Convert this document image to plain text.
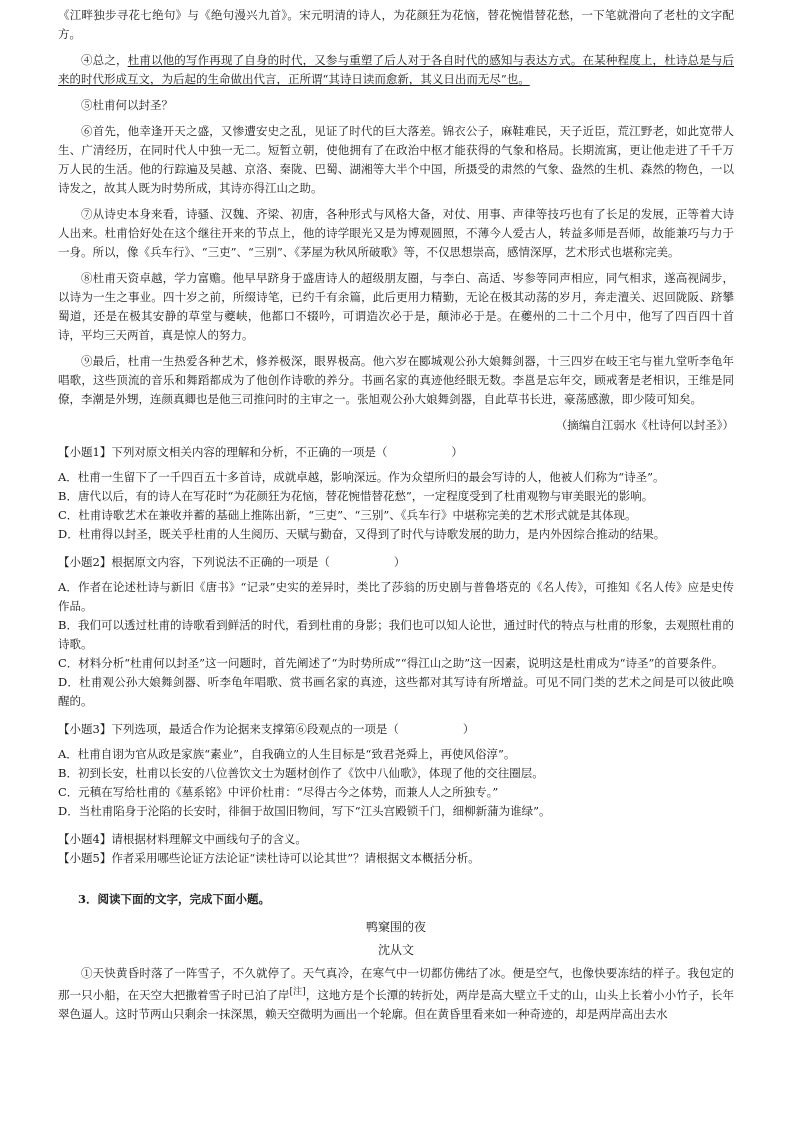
《江畔独步寻花七绝句》与《绝句漫兴九首》。宋元明清的诗人，为花颜狂为花恼，替花惋惜替花愁，一下笔就滑向了老杜的文字配方。

④总之，杜甫以他的写作再现了自身的时代，又参与重塑了后人对于各自时代的感知与表达方式。在某种程度上，杜诗总是与后来的时代形成互文，为后起的生命做出代言，正所谓“其诗日读而愈新，其义日出而无尽”也。

⑤杜甫何以封圣？

⑥首先，他幸逢开天之盛，又惨遭安史之乱，见证了时代的巨大落差。锦衣公子，麻鞋难民，天子近臣，荒江野老，如此宽带人生、广清经历，在同时代人中独一无二。短暂立朝，使他拥有了在政治中枢才能获得的气象和格局。长期流寓，更让他走进了千千万万人民的生活。他的行踪遍及吴越、京洛、秦陇、巴蜀、湖湘等大半个中国，所摄受的肃然的气象、盎然的生机、森然的物色，一以诗发之，故其人既为时势所成，其诗亦得江山之助。

⑦从诗史本身来看，诗骚、汉魏、齐梁、初唐，各种形式与风格大备，对仗、用事、声律等技巧也有了长足的发展，正等着大诗人出来。杜甫恰好处在这个继往开来的节点上，他的诗学眼光又是为博观圆照，不薄今人爱古人，转益多师是吾师，故能兼巧与力于一身。所以，像《兵车行》、“三吏”、“三别”、《茅屋为秋风所破歌》等，不仅思想崇高，感情深厚，艺术形式也堪称完美。

⑧杜甫天资卓越，学力富赡。他早早跻身于盛唐诗人的超级朋友圈，与李白、高适、岑参等同声相应，同气相求，遂高视阔步，以诗为一生之事业。四十岁之前，所缀诗笔，已约千有余篇，此后更用力精勤，无论在极其动荡的岁月，奔走澶关、迟回陇阪、跻攀蜀道，还是在极其安静的草堂与夔峡，他都口不辍吟，可谓造次必于是，颠沛必于是。在夔州的二十二个月中，他写了四百四十首诗，平均三天两首，真是惊人的努力。

⑨最后，杜甫一生热爱各种艺术，修养极深，眼界极高。他六岁在郾城观公孙大娘舞剑器，十三四岁在岐王宅与崔九堂听李龟年唱歌，这些顶流的音乐和舞蹈都成为了他创作诗歌的养分。书画名家的真迹他经眼无数。李邕是忘年交，顾戒奢是老相识，王维是同僚，李潮是外甥，连颜真卿也是他三司推问时的主审之一。张旭观公孙大娘舞剑器，自此草书长进，豪荡感激，即少陵可知矣。

（摘编自江弱水《杜诗何以封圣》）

【小题1】下列对原文相关内容的理解和分析，不正确的一项是（	）

A．杜甫一生留下了一千四百五十多首诗，成就卓越，影响深远。作为众望所归的最会写诗的人，他被人们称为“诗圣”。

B．唐代以后，有的诗人在写花时“为花颜狂为花恼，替花惋惜替花愁”，一定程度受到了杜甫观物与审美眼光的影响。

C．杜甫诗歌艺术在兼收并蓄的基础上推陈出新，“三吏”、“三别”、《兵车行》中堪称完美的艺术形式就是其体现。

D．杜甫得以封圣，既关乎杜甫的人生阅历、天赋与勤奋，又得到了时代与诗歌发展的助力，是内外因综合推动的结果。

【小题2】根据原文内容，下列说法不正确的一项是（	）

A．作者在论述杜诗与新旧《唐书》“记录”史实的差异时，类比了莎翁的历史剧与普鲁塔克的《名人传》，可推知《名人传》应是史传作品。

B．我们可以透过杜甫的诗歌看到鲜活的时代，看到杜甫的身影；我们也可以知人论世，通过时代的特点与杜甫的形象，去观照杜甫的诗歌。

C．材料分析“杜甫何以封圣”这一问题时，首先阐述了“为时势所成”“得江山之助”这一因素，说明这是杜甫成为“诗圣”的首要条件。

D．杜甫观公孙大娘舞剑器、听李龟年唱歌、赏书画名家的真迹，这些都对其写诗有所增益。可见不同门类的艺术之间是可以彼此唤醒的。

【小题3】下列选项，最适合作为论据来支撑第⑥段观点的一项是（	）

A．杜甫自诩为官从政是家族“素业”，自我确立的人生目标是“致君尧舜上，再使风俗淳”。

B．初到长安，杜甫以长安的八位善饮文士为题材创作了《饮中八仙歌》，体现了他的交往圈层。

C．元稹在写给杜甫的《墓系铭》中评价杜甫：“尽得古今之体势，而兼人人之所独专。”

D．当杜甫陷身于沦陷的长安时，徘徊于故国旧物间，写下“江头宫殿锁千门，细柳新蒲为谁绿”。

【小题4】请根据材料理解文中画线句子的含义。

【小题5】作者采用哪些论证方法论证“读杜诗可以论其世”？请根据文本概括分析。

3．阅读下面的文字，完成下面小题。

鸭窠围的夜

沈从文

①天快黄昏时落了一阵雪子，不久就停了。天气真冷，在寒气中一切都仿佛结了冰。便是空气，也像快要冻结的样子。我包定的那一只小船，在天空大把撒着雪子时已泊了岸[注]，这地方是个长潭的转折处，两岸是高大壁立千丈的山，山头上长着小小竹子，长年翠色逼人。这时节两山只剩余一抹深黑，赖天空微明为画出一个轮廓。但在黄昏里看来如一种奇迹的，却是两岸高出去水
